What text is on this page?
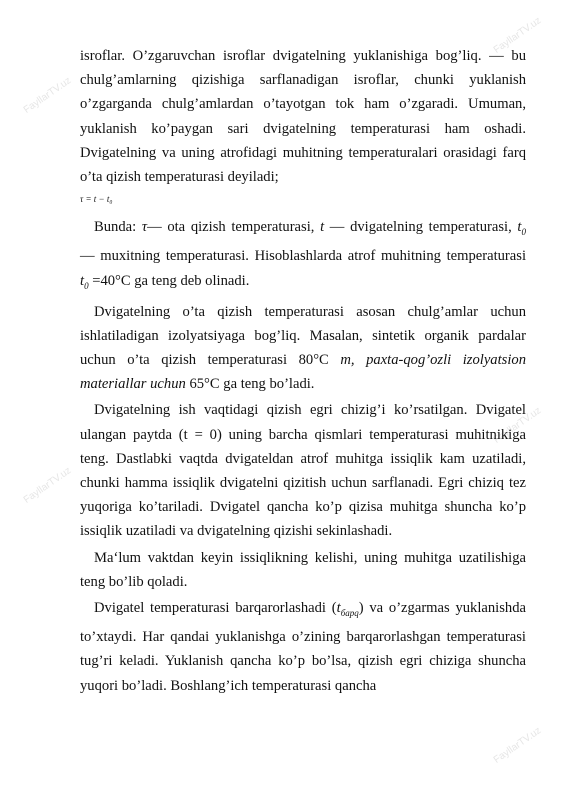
FayllarTV.uz
FayllarTV.uz
FayllarTV.uz
FayllarTV.uz
FayllarTV.uz

isroflar. O’zgaruvchan isroflar dvigatelning yuklanishiga bog’liq. — bu chulg’amlarning qizishiga sarflanadigan isroflar, chunki yuklanish o’zgarganda chulg’amlardan o’tayotgan tok ham o’zgaradi. Umuman, yuklanish ko’paygan sari dvigatelning temperaturasi ham oshadi. Dvigatelning va uning atrofidagi muhitning temperaturalari orasidagi farq o’ta qizish temperaturasi deyiladi;

τ = t − t₀

Bunda: τ— ota qizish temperaturasi, t — dvigatelning temperaturasi, $t_0$ — muxitning temperaturasi. Hisoblashlarda atrof muhitning temperaturasi $t_0 =40^\circ C$ ga teng deb olinadi.

Dvigatelning o’ta qizish temperaturasi asosan chulg’amlar uchun ishlatiladigan izolyatsiyaga bog’liq. Masalan, sintetik organik pardalar uchun o’ta qizish temperaturasi 80°C m, paxta-qog’ozli izolyatsion materiallar uchun 65°C ga teng bo’ladi.

Dvigatelning ish vaqtidagi qizish egri chizig’i ko’rsatilgan. Dvigatel ulangan paytda (t = 0) uning barcha qismlari temperaturasi muhitnikiga teng. Dastlabki vaqtda dvigateldan atrof muhitga issiqlik kam uzatiladi, chunki hamma issiqlik dvigatelni qizitish uchun sarflanadi. Egri chiziq tez yuqoriga ko’tariladi. Dvigatel qancha ko’p qizisa muhitga shuncha ko’p issiqlik uzatiladi va dvigatelning qizishi sekinlashadi.

Ma‘lum vaktdan keyin issiqlikning kelishi, uning muhitga uzatilishiga teng bo’lib qoladi.

Dvigatel temperaturasi barqarorlashadi $(t_{барq})$ va o’zgarmas yuklanishda to’xtaydi. Har qandai yuklanishga o’zining barqarorlashgan temperaturasi tug’ri keladi. Yuklanish qancha ko’p bo’lsa, qizish egri chiziga shuncha yuqori bo’ladi. Boshlang’ich temperaturasi qancha
